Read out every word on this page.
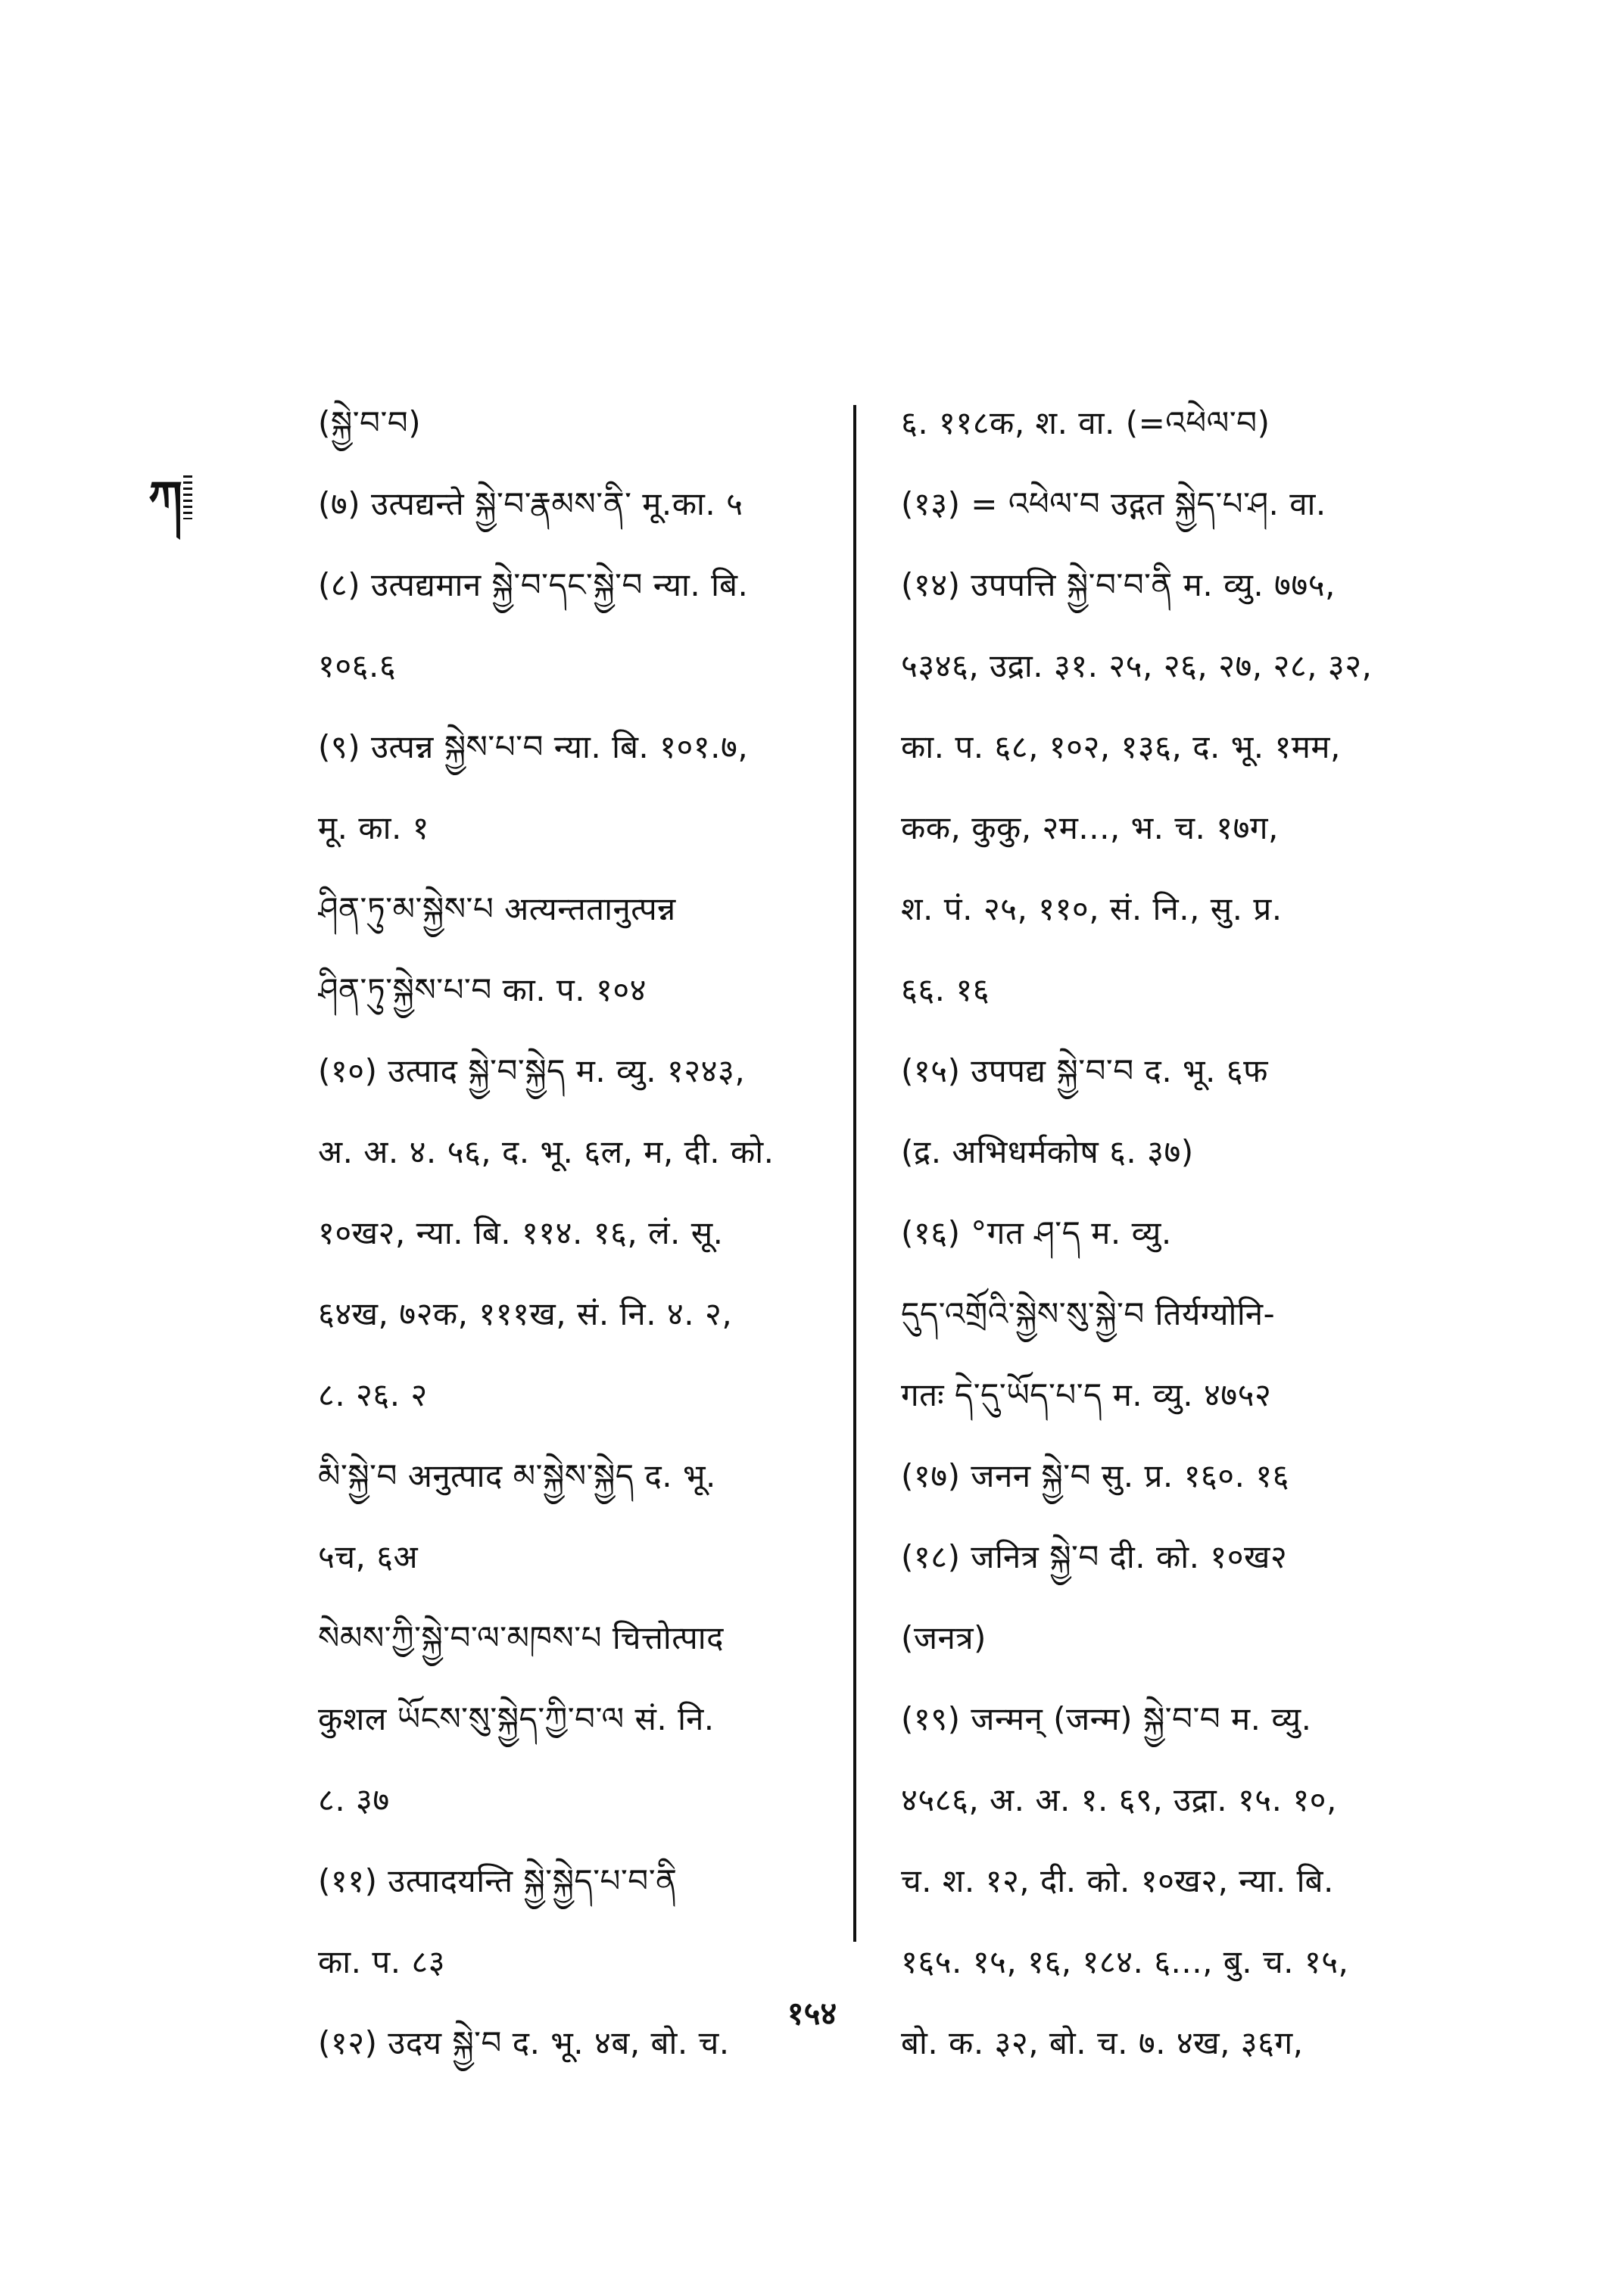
ཀ
(སྐྱེ་བ་བ)
(७) उत्पद्यन्ते སྐྱེ་བ་རྣམས་ནི་ मू.का. ५
(८) उत्पद्यमान སྐྱེ་བ་དང་སྐྱེ་བ न्या. बि.
१०६.६
(९) उत्पन्न སྐྱེས་པ་བ न्या. बि. १०१.७,
मू. का. १
ཤིན་ཏུ་མ་སྐྱེས་པ अत्यन्ततानुत्पन्न
ཤིན་ཏུ་སྐྱེས་པ་བ का. प. १०४
(१०) उत्पाद སྐྱེ་བ་སྐྱེད म. व्यु. १२४३,
अ. अ. ४. ५६, द. भू. ६ल, म, दी. को.
१०ख२, न्या. बि. ११४. १६, लं. सू.
६४ख, ७२क, १११ख, सं. नि. ४. २,
८. २६. २
མི་སྐྱེ་བ अनुत्पाद མ་སྐྱེས་སྐྱེད द. भू.
५च, ६अ
སེམས་ཀྱི་སྐྱེ་བ་ལ་མཁས་པ चित्तोत्पाद
कुशल ཡོངས་སུ་སྐྱེད་ཀྱི་བ་ལ सं. नि.
८. ३७
(११) उत्पादयन्ति སྐྱེ་སྐྱེད་པ་བ་ནི
का. प. ८३
(१२) उदय སྐྱེ་བ द. भू. ४ब, बो. च.
६. ११८क, श. वा. (=འཕེལ་བ)
(१३) = འཕེལ་བ उद्गत སྐྱེད་པ་ཤ. वा.
(१४) उपपत्ति སྐྱེ་བ་བ་ནི म. व्यु. ७७५,
५३४६, उद्रा. ३१. २५, २६, २७, २८, ३२,
का. प. ६८, १०२, १३६, द. भू. १मम,
कक, कुकु, २म..., भ. च. १७ग,
श. पं. २५, ११०, सं. नि., सु. प्र.
६६. १६
(१५) उपपद्य སྐྱེ་བ་བ द. भू. ६फ
(द्र. अभिधर्मकोष ६. ३७)
(१६) °गत ཤ་ད म. व्यु.
དུད་འགྲོའི་སྐྱེས་སུ་སྐྱེ་བ तिर्यग्योनि-
गतः དེ་དུ་ཡོད་པ་ད म. व्यु. ४७५२
(१७) जनन སྐྱེ་བ सु. प्र. १६०. १६
(१८) जनित्र སྐྱེ་བ दी. को. १०ख२
(जनत्र)
(१९) जन्मन् (जन्म) སྐྱེ་བ་བ म. व्यु.
४५८६, अ. अ. १. ६९, उद्रा. १५. १०,
च. श. १२, दी. को. १०ख२, न्या. बि.
१६५. १५, १६, १८४. ६..., बु. च. १५,
बो. क. ३२, बो. च. ७. ४ख, ३६ग,
१५४
